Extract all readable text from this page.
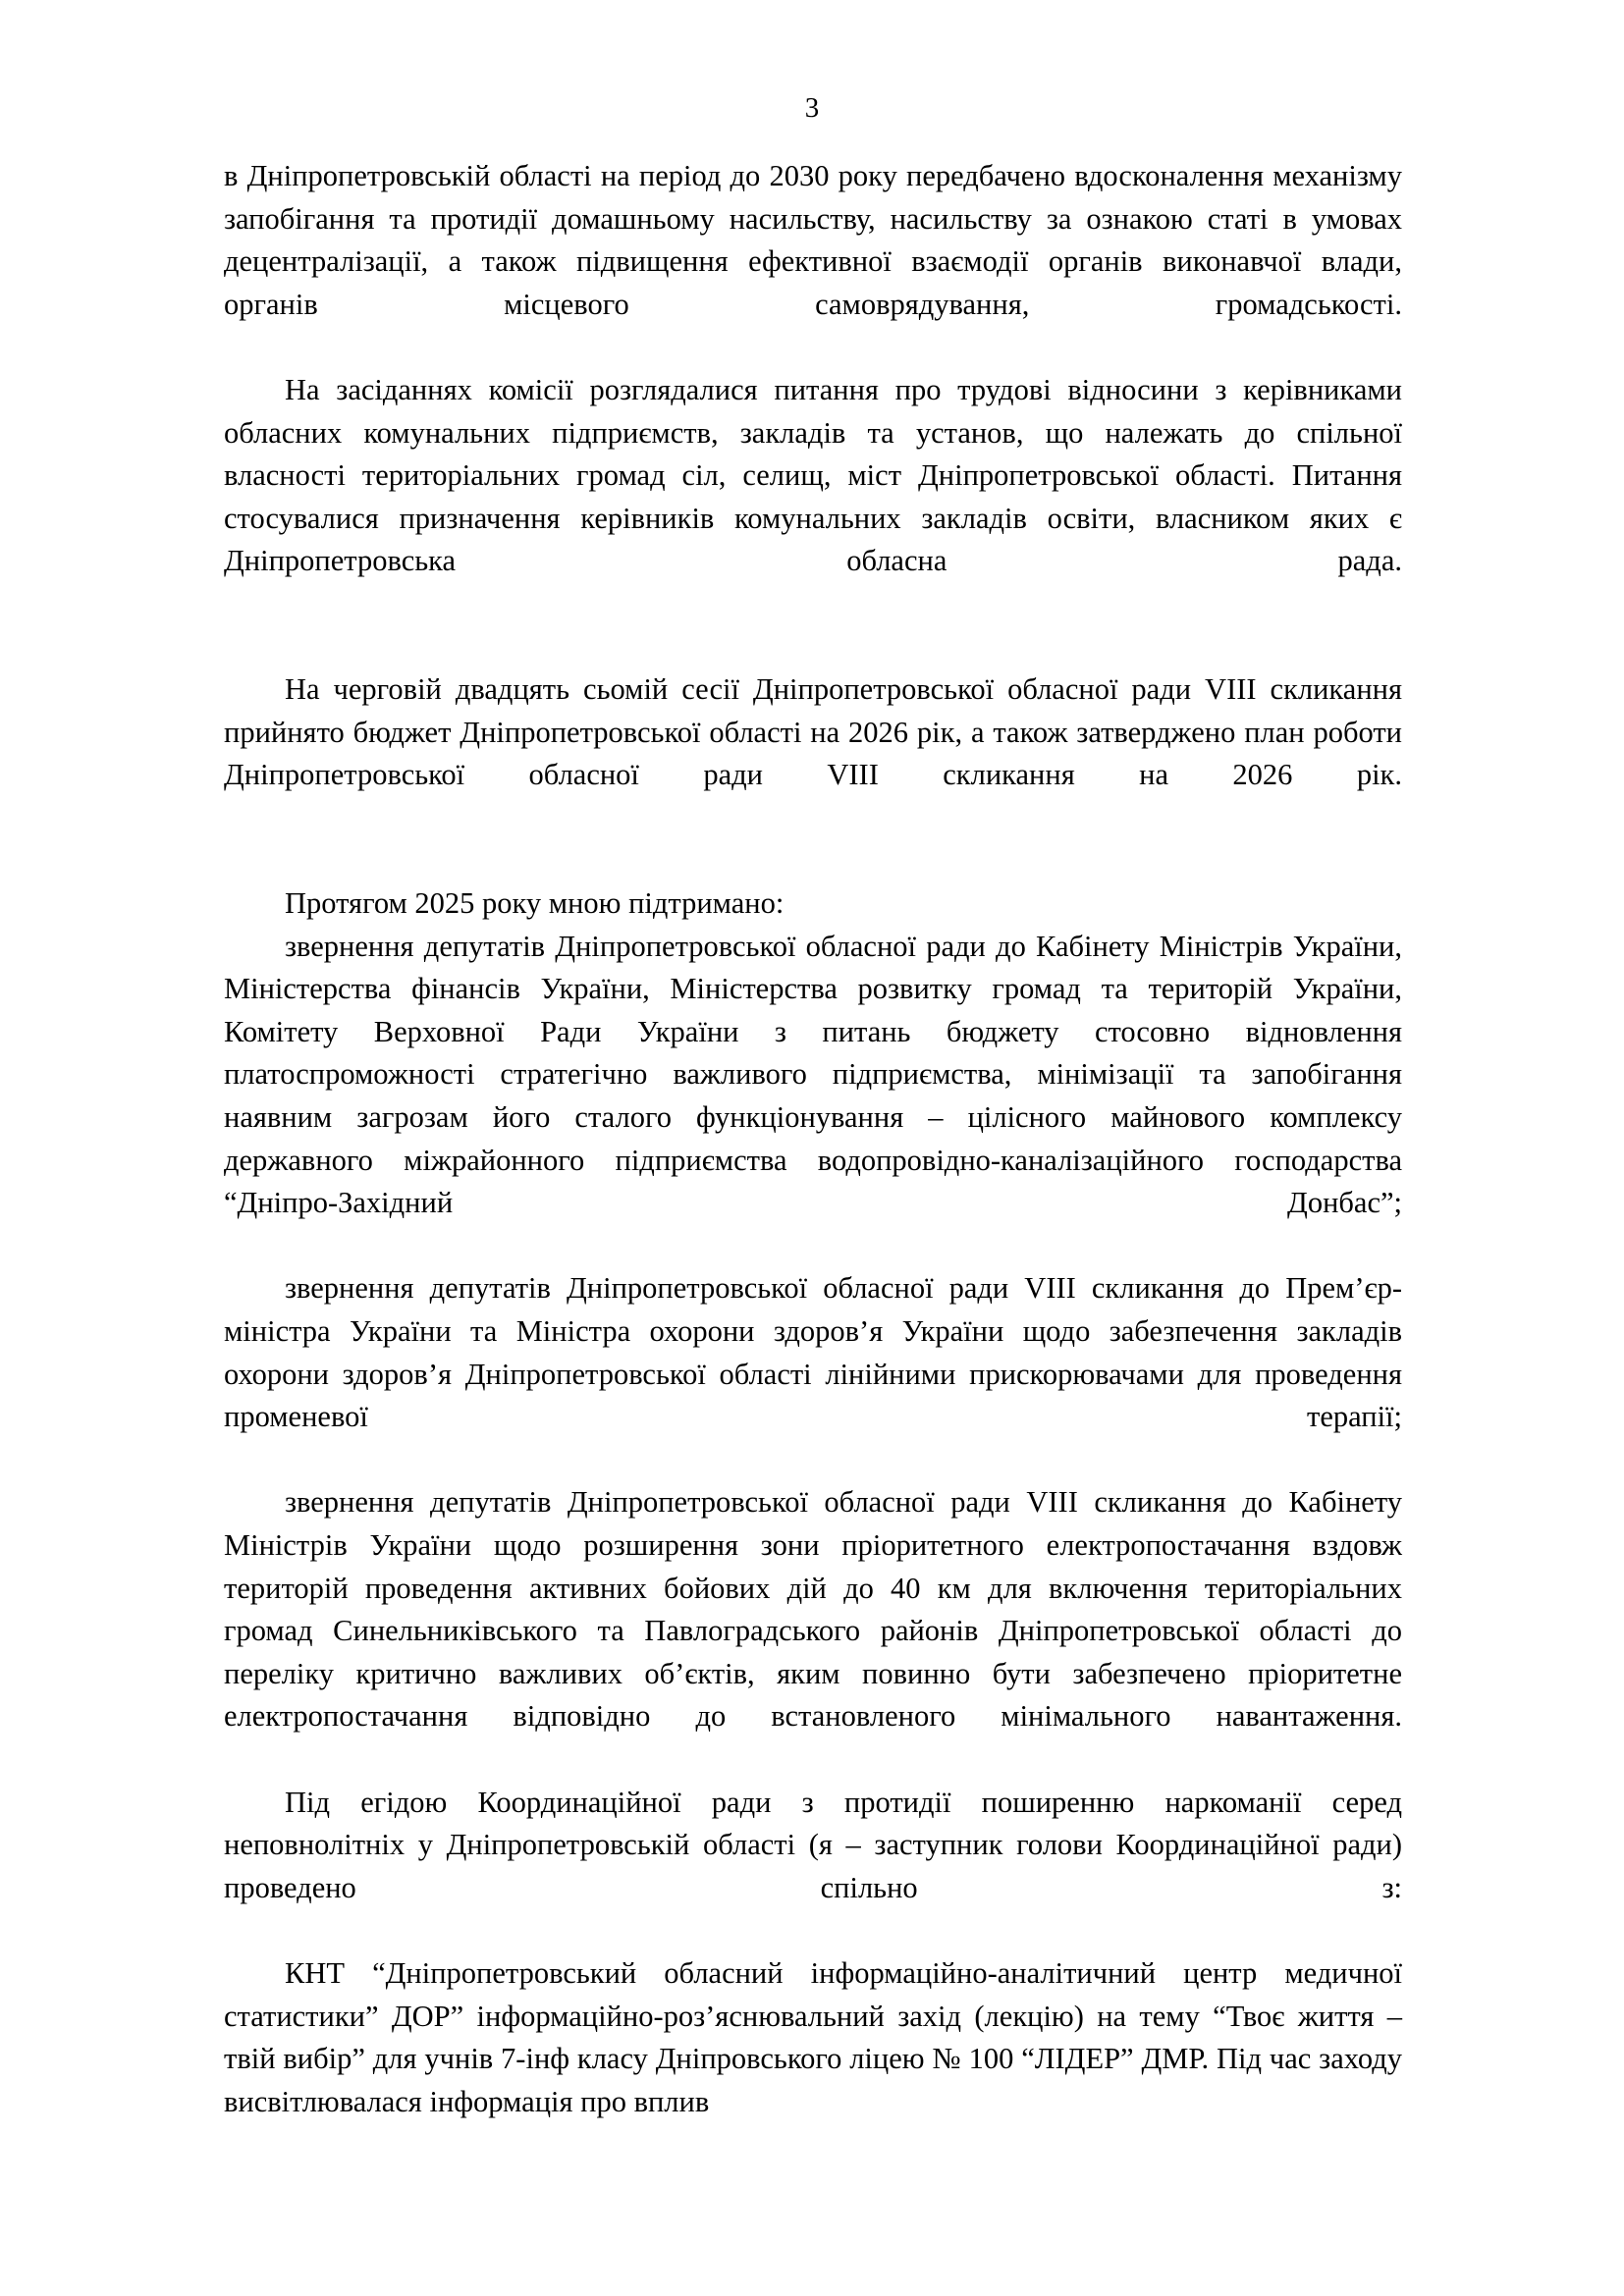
3

в Дніпропетровській області на період до 2030 року передбачено вдосконалення механізму запобігання та протидії домашньому насильству, насильству за ознакою статі в умовах децентралізації, а також підвищення ефективної взаємодії органів виконавчої влади, органів місцевого самоврядування, громадськості.

На засіданнях комісії розглядалися питання про трудові відносини з керівниками обласних комунальних підприємств, закладів та установ, що належать до спільної власності територіальних громад сіл, селищ, міст Дніпропетровської області. Питання стосувалися призначення керівників комунальних закладів освіти, власником яких є Дніпропетровська обласна рада.

На черговій двадцять сьомій сесії Дніпропетровської обласної ради VIII скликання прийнято бюджет Дніпропетровської області на 2026 рік, а також затверджено план роботи Дніпропетровської обласної ради VIII скликання на 2026 рік.

Протягом 2025 року мною підтримано:

звернення депутатів Дніпропетровської обласної ради до Кабінету Міністрів України, Міністерства фінансів України, Міністерства розвитку громад та територій України, Комітету Верховної Ради України з питань бюджету стосовно відновлення платоспроможності стратегічно важливого підприємства, мінімізації та запобігання наявним загрозам його сталого функціонування – цілісного майнового комплексу державного міжрайонного підприємства водопровідно-каналізаційного господарства “Дніпро-Західний Донбас”;

звернення депутатів Дніпропетровської обласної ради VIII скликання до Прем’єр-міністра України та Міністра охорони здоров’я України щодо забезпечення закладів охорони здоров’я Дніпропетровської області лінійними прискорювачами для проведення променевої терапії;

звернення депутатів Дніпропетровської обласної ради VIII скликання до Кабінету Міністрів України щодо розширення зони пріоритетного електропостачання вздовж територій проведення активних бойових дій до 40 км для включення територіальних громад Синельниківського та Павлоградського районів Дніпропетровської області до переліку критично важливих об’єктів, яким повинно бути забезпечено пріоритетне електропостачання відповідно до встановленого мінімального навантаження.

Під егідою Координаційної ради з протидії поширенню наркоманії серед неповнолітніх у Дніпропетровській області (я – заступник голови Координаційної ради) проведено спільно з:

КНТ “Дніпропетровський обласний інформаційно-аналітичний центр медичної статистики” ДОР” інформаційно-роз’яснювальний захід (лекцію) на тему “Твоє життя – твій вибір” для учнів 7-інф класу Дніпровського ліцею № 100 “ЛІДЕР” ДМР. Під час заходу висвітлювалася інформація про вплив
